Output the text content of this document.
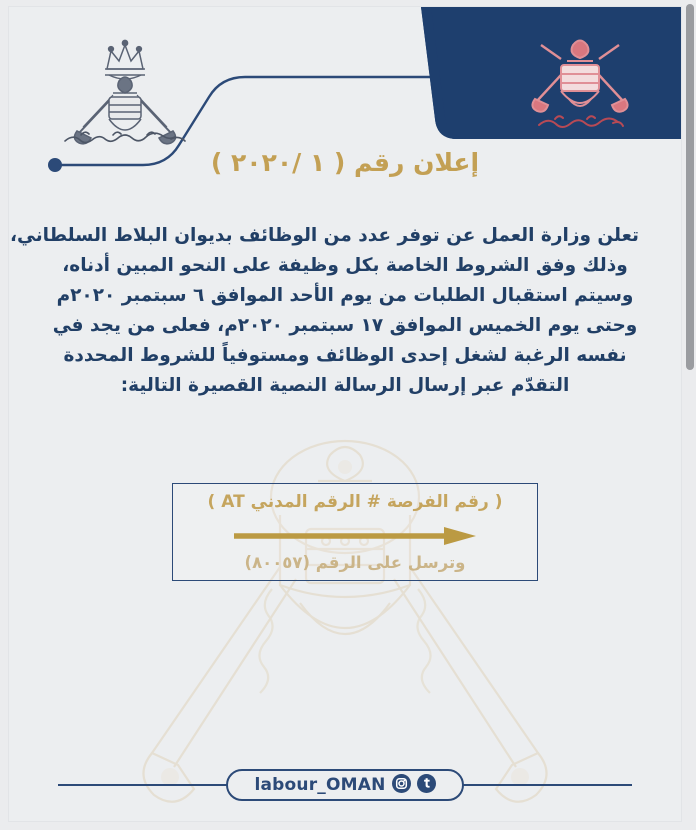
إعلان رقم ( ١ /٢٠٢٠ )
تعلن وزارة العمل عن توفر عدد من الوظائف بديوان البلاط السلطاني،
وذلك وفق الشروط الخاصة بكل وظيفة على النحو المبين أدناه،
وسيتم استقبال الطلبات من يوم الأحد الموافق ٦ سبتمبر ٢٠٢٠م
وحتى يوم الخميس الموافق ١٧ سبتمبر ٢٠٢٠م، فعلى من يجد في
نفسه الرغبة لشغل إحدى الوظائف ومستوفياً للشروط المحددة
التقدّم عبر إرسال الرسالة النصية القصيرة التالية:
( رقم الفرصة # الرقم المدني AT )
وترسل على الرقم (٨٠٠٥٧)
labour_OMAN
